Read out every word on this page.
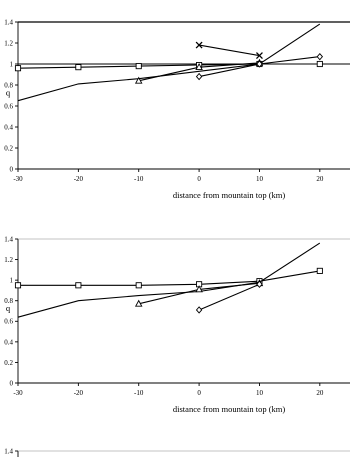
0
0.2
0.4
0.6
0.8
1
1.2
1.4
-30	-20	-10	0	10	20
distance from mountain top (km)
q
0
0.2
0.4
0.6
0.8
1
1.2
1.4
-30	-20	-10	0	10	20
distance from mountain top (km)
q
1.4
